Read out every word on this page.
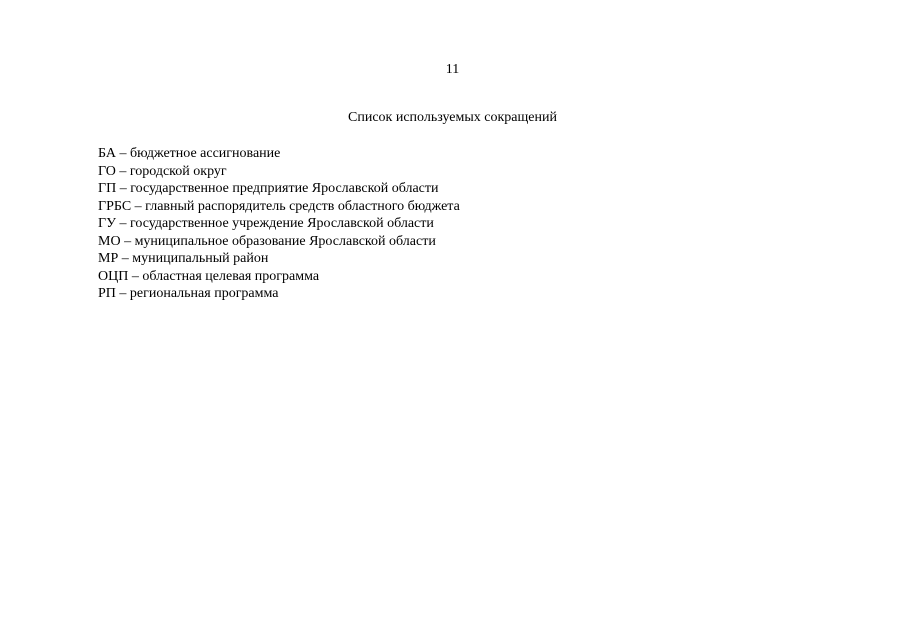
11
Список используемых сокращений
БА – бюджетное ассигнование
ГО – городской округ
ГП – государственное предприятие Ярославской области
ГРБС – главный распорядитель средств областного бюджета
ГУ – государственное учреждение Ярославской области
МО – муниципальное образование Ярославской области
МР – муниципальный район
ОЦП – областная целевая программа
РП – региональная программа
